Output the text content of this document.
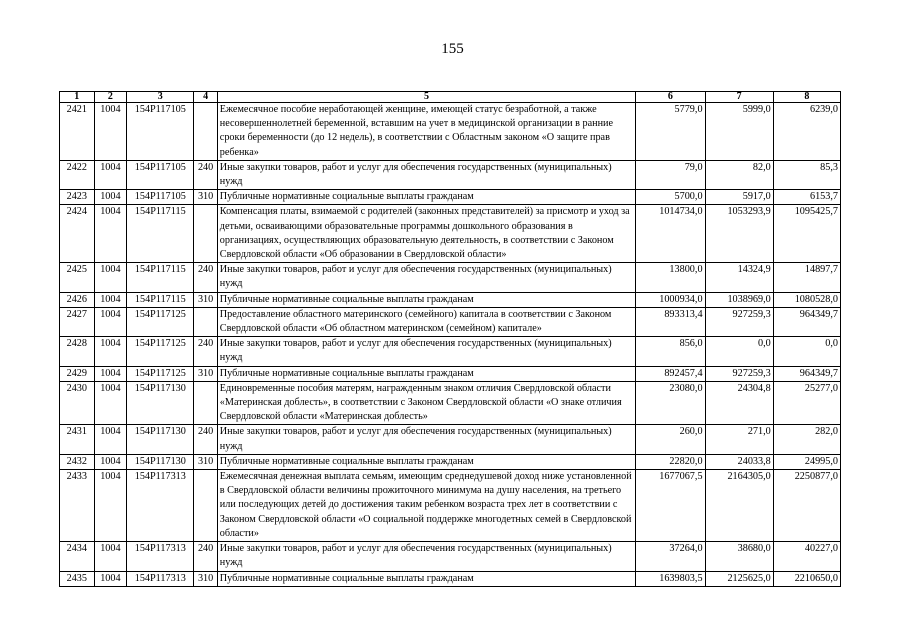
155
1	2	3	4	5	6	7	8
2421	1004	154Р117105		Ежемесячное пособие неработающей женщине, имеющей статус безработной, а также несовершеннолетней беременной, вставшим на учет в медицинской организации в ранние сроки беременности (до 12 недель), в соответствии с Областным законом «О защите прав ребенка»	5779,0	5999,0	6239,0
2422	1004	154Р117105	240	Иные закупки товаров, работ и услуг для обеспечения государственных (муниципальных) нужд	79,0	82,0	85,3
2423	1004	154Р117105	310	Публичные нормативные социальные выплаты гражданам	5700,0	5917,0	6153,7
2424	1004	154Р117115		Компенсация платы, взимаемой с родителей (законных представителей) за присмотр и уход за детьми, осваивающими образовательные программы дошкольного образования в организациях, осуществляющих образовательную деятельность, в соответствии с Законом Свердловской области «Об образовании в Свердловской области»	1014734,0	1053293,9	1095425,7
2425	1004	154Р117115	240	Иные закупки товаров, работ и услуг для обеспечения государственных (муниципальных) нужд	13800,0	14324,9	14897,7
2426	1004	154Р117115	310	Публичные нормативные социальные выплаты гражданам	1000934,0	1038969,0	1080528,0
2427	1004	154Р117125		Предоставление областного материнского (семейного) капитала в соответствии с Законом Свердловской области «Об областном материнском (семейном) капитале»	893313,4	927259,3	964349,7
2428	1004	154Р117125	240	Иные закупки товаров, работ и услуг для обеспечения государственных (муниципальных) нужд	856,0	0,0	0,0
2429	1004	154Р117125	310	Публичные нормативные социальные выплаты гражданам	892457,4	927259,3	964349,7
2430	1004	154Р117130		Единовременные пособия матерям, награжденным знаком отличия Свердловской области «Материнская доблесть», в соответствии с Законом Свердловской области «О знаке отличия Свердловской области «Материнская доблесть»	23080,0	24304,8	25277,0
2431	1004	154Р117130	240	Иные закупки товаров, работ и услуг для обеспечения государственных (муниципальных) нужд	260,0	271,0	282,0
2432	1004	154Р117130	310	Публичные нормативные социальные выплаты гражданам	22820,0	24033,8	24995,0
2433	1004	154Р117313		Ежемесячная денежная выплата семьям, имеющим среднедушевой доход ниже установленной в Свердловской области величины прожиточного минимума на душу населения, на третьего или последующих детей до достижения таким ребенком возраста трех лет в соответствии с Законом Свердловской области «О социальной поддержке многодетных семей в Свердловской области»	1677067,5	2164305,0	2250877,0
2434	1004	154Р117313	240	Иные закупки товаров, работ и услуг для обеспечения государственных (муниципальных) нужд	37264,0	38680,0	40227,0
2435	1004	154Р117313	310	Публичные нормативные социальные выплаты гражданам	1639803,5	2125625,0	2210650,0
